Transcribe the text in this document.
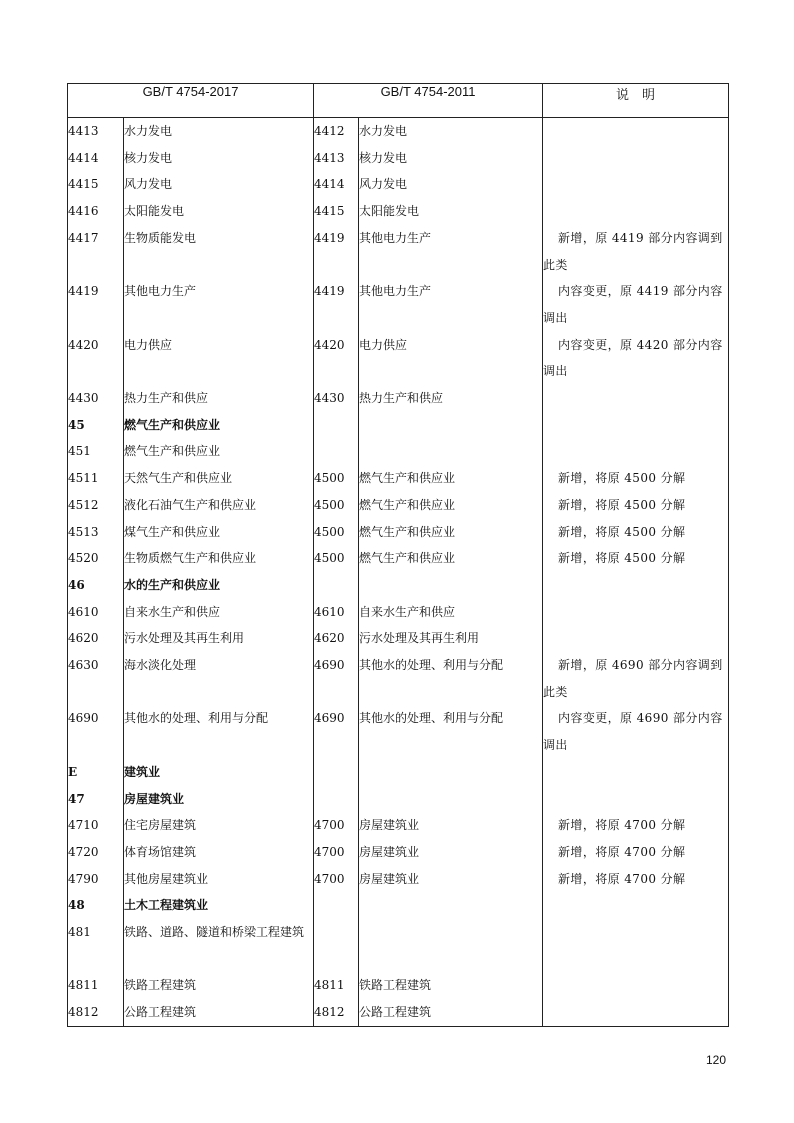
GB/T 4754-2017		GB/T 4754-2011		说　明
4413	水力发电	4412	水力发电	

4414	核力发电	4413	核力发电	

4415	风力发电	4414	风力发电	

4416	太阳能发电	4415	太阳能发电	

4417	生物质能发电	4419	其他电力生产	新增，原 4419 部分内容调到此类

4419	其他电力生产	4419	其他电力生产	内容变更，原 4419 部分内容调出

4420	电力供应	4420	电力供应	内容变更，原 4420 部分内容调出

4430	热力生产和供应	4430	热力生产和供应	

45	燃气生产和供应业			

451	燃气生产和供应业			

4511	天然气生产和供应业	4500	燃气生产和供应业	新增，将原 4500 分解

4512	液化石油气生产和供应业	4500	燃气生产和供应业	新增，将原 4500 分解

4513	煤气生产和供应业	4500	燃气生产和供应业	新增，将原 4500 分解

4520	生物质燃气生产和供应业	4500	燃气生产和供应业	新增，将原 4500 分解

46	水的生产和供应业			

4610	自来水生产和供应	4610	自来水生产和供应	

4620	污水处理及其再生利用	4620	污水处理及其再生利用	

4630	海水淡化处理	4690	其他水的处理、利用与分配	新增，原 4690 部分内容调到此类

4690	其他水的处理、利用与分配	4690	其他水的处理、利用与分配	内容变更，原 4690 部分内容调出

E	建筑业			

47	房屋建筑业			

4710	住宅房屋建筑	4700	房屋建筑业	新增，将原 4700 分解

4720	体育场馆建筑	4700	房屋建筑业	新增，将原 4700 分解

4790	其他房屋建筑业	4700	房屋建筑业	新增，将原 4700 分解

48	土木工程建筑业			

481	铁路、道路、隧道和桥梁工程建筑			

4811	铁路工程建筑	4811	铁路工程建筑	

4812	公路工程建筑	4812	公路工程建筑	
120
